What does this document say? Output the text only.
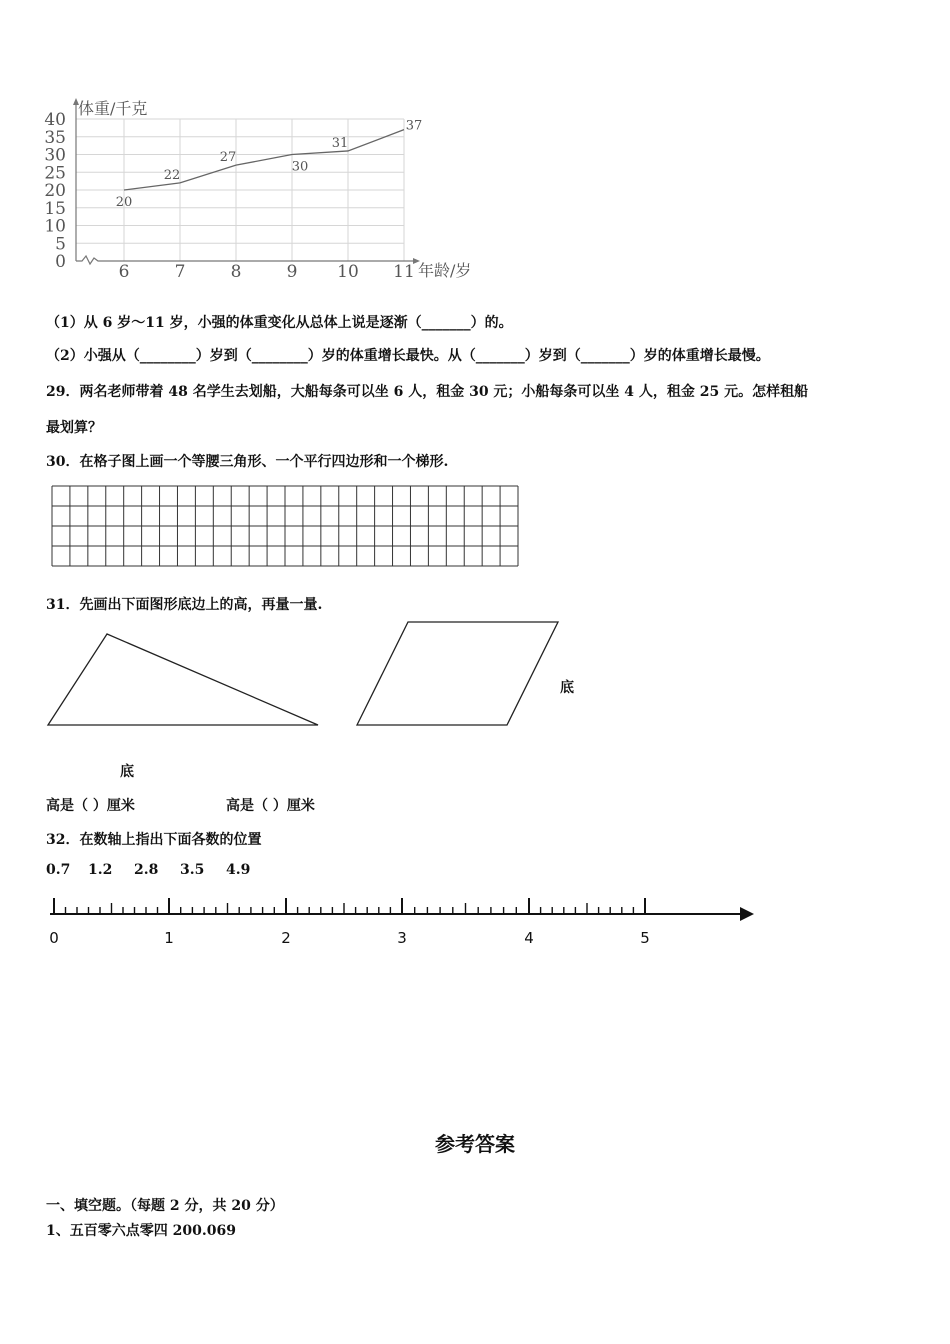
0
5
10
15
20
25
30
35
40
6	7	8	9 10 11
20
22
27
30
31
37
体重/千克
年龄/岁
（1）从 6 岁～11 岁，小强的体重变化从总体上说是逐渐（_______）的。
（2）小强从（________）岁到（________）岁的体重增长最快。从（_______）岁到（_______）岁的体重增长最慢。
29．两名老师带着 48 名学生去划船，大船每条可以坐 6 人，租金 30 元；小船每条可以坐 4 人，租金 25 元。怎样租船
最划算？
30．在格子图上画一个等腰三角形、一个平行四边形和一个梯形.
31．先画出下面图形底边上的高，再量一量.
底
底
高是（ ）厘米	高是（ ）厘米
32．在数轴上指出下面各数的位置
0.7 1.2 2.8 3.5 4.9
0	1	2	3	4	5
参考答案
一、填空题。（每题 2 分，共 20 分）
1、五百零六点零四 200.069
